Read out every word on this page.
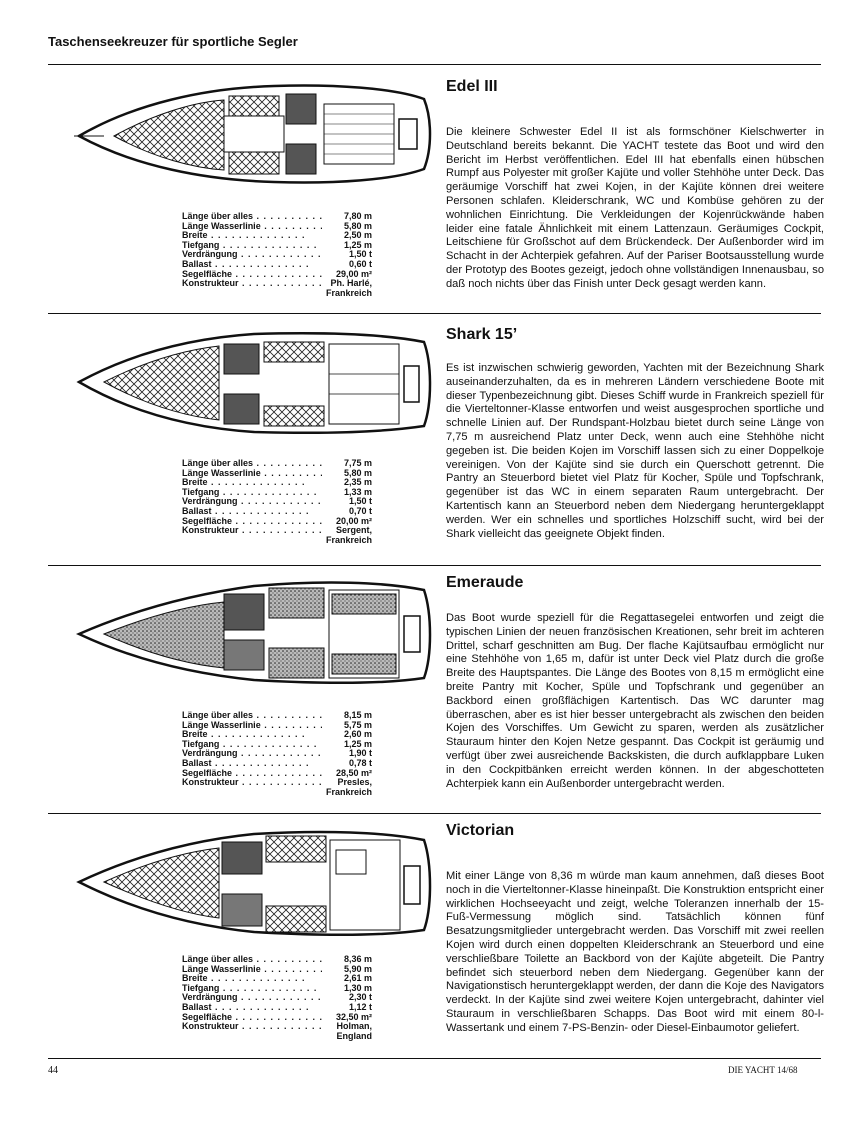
Taschenseekreuzer für sportliche Segler
Länge über alles . . .	7,80 m
Länge Wasserlinie . . .	5,80 m
Breite . . .	2,50 m
Tiefgang . . .	1,25 m
Verdrängung . . .	1,50 t
Ballast . . .	0,60 t
Segelfläche . . .	29,00 m²
Konstrukteur . . .	Ph. Harlé,
Frankreich
Edel III
Die kleinere Schwester Edel II ist als formschöner Kielschwerter in Deutschland bereits bekannt. Die YACHT testete das Boot und wird den Bericht im Herbst veröffentlichen. Edel III hat ebenfalls einen hübschen Rumpf aus Polyester mit großer Kajüte und voller Stehhöhe unter Deck. Das geräumige Vorschiff hat zwei Kojen, in der Kajüte können drei weitere Personen schlafen. Kleiderschrank, WC und Kombüse gehören zu der wohnlichen Einrichtung. Die Verkleidungen der Kojenrückwände haben leider eine fatale Ähnlichkeit mit einem Lattenzaun. Geräumiges Cockpit, Leitschiene für Großschot auf dem Brückendeck. Der Außenborder wird im Schacht in der Achterpiek gefahren. Auf der Pariser Bootsausstellung wurde der Prototyp des Bootes gezeigt, jedoch ohne vollständigen Innenausbau, so daß noch nichts über das Finish unter Deck gesagt werden kann.
Länge über alles . . .	7,75 m
Länge Wasserlinie . . .	5,80 m
Breite . . .	2,35 m
Tiefgang . . .	1,33 m
Verdrängung . . .	1,50 t
Ballast . . .	0,70 t
Segelfläche . . .	20,00 m²
Konstrukteur . . .	Sergent,
Frankreich
Shark 15’
Es ist inzwischen schwierig geworden, Yachten mit der Bezeichnung Shark auseinanderzuhalten, da es in mehreren Ländern verschiedene Boote mit dieser Typenbezeichnung gibt. Dieses Schiff wurde in Frankreich speziell für die Vierteltonner-Klasse entworfen und weist ausgesprochen sportliche und schnelle Linien auf. Der Rundspant-Holzbau bietet durch seine Länge von 7,75 m ausreichend Platz unter Deck, wenn auch eine Stehhöhe nicht gegeben ist. Die beiden Kojen im Vorschiff lassen sich zu einer Doppelkoje vereinigen. Von der Kajüte sind sie durch ein Querschott getrennt. Die Pantry an Steuerbord bietet viel Platz für Kocher, Spüle und Topfschrank, gegenüber ist das WC in einem separaten Raum untergebracht. Der Kartentisch kann an Steuerbord neben dem Niedergang heruntergeklappt werden. Wer ein schnelles und sportliches Holzschiff sucht, wird bei der Shark vielleicht das geeignete Objekt finden.
Länge über alles . . .	8,15 m
Länge Wasserlinie . . .	5,75 m
Breite . . .	2,60 m
Tiefgang . . .	1,25 m
Verdrängung . . .	1,90 t
Ballast . . .	0,78 t
Segelfläche . . .	28,50 m²
Konstrukteur . . .	Presles,
Frankreich
Emeraude
Das Boot wurde speziell für die Regattasegelei entworfen und zeigt die typischen Linien der neuen französischen Kreationen, sehr breit im achteren Drittel, scharf geschnitten am Bug. Der flache Kajütsaufbau ermöglicht nur eine Stehhöhe von 1,65 m, dafür ist unter Deck viel Platz durch die große Breite des Hauptspantes. Die Länge des Bootes von 8,15 m ermöglicht eine breite Pantry mit Kocher, Spüle und Topfschrank und gegenüber an Backbord einen großflächigen Kartentisch. Das WC darunter mag überraschen, aber es ist hier besser untergebracht als zwischen den beiden Kojen des Vorschiffes. Um Gewicht zu sparen, werden als zusätzlicher Stauraum hinter den Kojen Netze gespannt. Das Cockpit ist geräumig und verfügt über zwei ausreichende Backskisten, die durch aufklappbare Luken in den Cockpitbänken erreicht werden können. In der abgeschotteten Achterpiek kann ein Außenborder untergebracht werden.
Länge über alles . . .	8,36 m
Länge Wasserlinie . . .	5,90 m
Breite . . .	2,61 m
Tiefgang . . .	1,30 m
Verdrängung . . .	2,30 t
Ballast . . .	1,12 t
Segelfläche . . .	32,50 m²
Konstrukteur . . .	Holman,
England
Victorian
Mit einer Länge von 8,36 m würde man kaum annehmen, daß dieses Boot noch in die Vierteltonner-Klasse hineinpaßt. Die Konstruktion entspricht einer wirklichen Hochseeyacht und zeigt, welche Toleranzen innerhalb der 15-Fuß-Vermessung möglich sind. Tatsächlich können fünf Besatzungsmitglieder untergebracht werden. Das Vorschiff mit zwei reellen Kojen wird durch einen doppelten Kleiderschrank an Steuerbord und eine verschließbare Toilette an Backbord von der Kajüte abgeteilt. Die Pantry befindet sich steuerbord neben dem Niedergang. Gegenüber kann der Navigationstisch heruntergeklappt werden, der dann die Koje des Navigators verdeckt. In der Kajüte sind zwei weitere Kojen untergebracht, dahinter viel Stauraum in verschließbaren Schapps. Das Boot wird mit einem 80-l-Wassertank und einem 7-PS-Benzin- oder Diesel-Einbaumotor geliefert.
44	DIE YACHT 14/68
